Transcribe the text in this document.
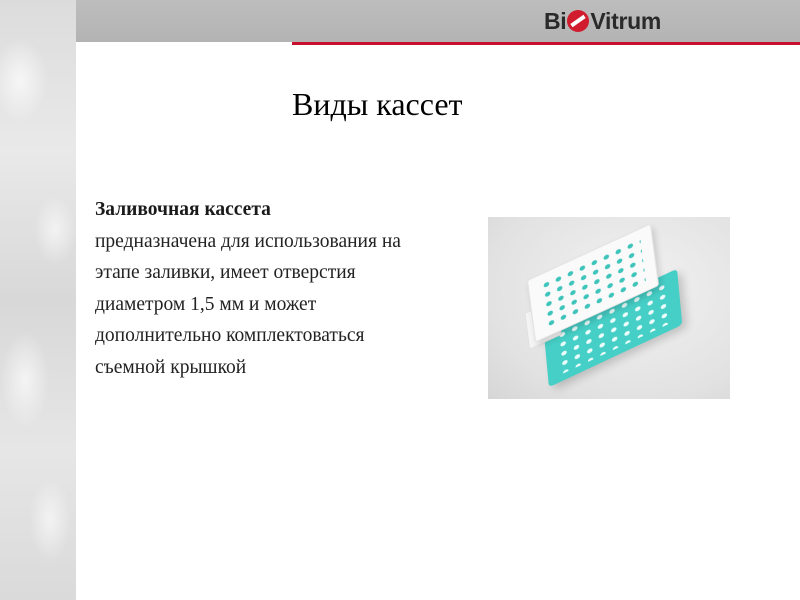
Bi Vitrum
Виды кассет
Заливочная кассета
предназначена для использования на этапе заливки, имеет отверстия диаметром 1,5 мм и может дополнительно комплектоваться съемной крышкой
